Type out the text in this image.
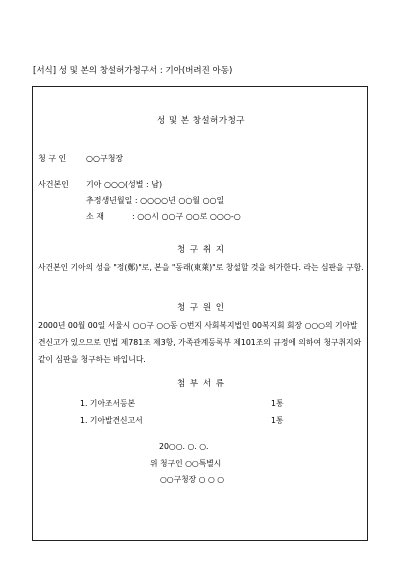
[서식] 성 및 본의 창설허가청구서 : 기아(버려진 아동)
성 및 본 창설허가청구
청 구 인 ○○구청장
사건본인 기아 ○○○(성별 : 남)
추정생년월일 : ○○○○년 ○○월 ○○일
소 재	: ○○시 ○○구 ○○로 ○○○-○
청 구 취 지
사건본인 기아의 성을 "정(鄭)"로, 본을 "동래(東萊)"로 창설할 것을 허가한다. 라는 심판을 구함.
청 구 원 인
2000년 00월 00일 서울시 ○○구 ○○동 ○번지 사회복지법인 00복지회 회장 ○○○의 기아발견신고가 있으므로 민법 제781조 제3항, 가족관계등록부 제101조의 규정에 의하여 청구취지와 같이 심판을 청구하는 바입니다.
첨 부 서 류
1. 기아조서등본	1통
1. 기아발견신고서	1통
20○○. ○. ○.
위 청구인 ○○특별시
○○구청장 ○ ○ ○
